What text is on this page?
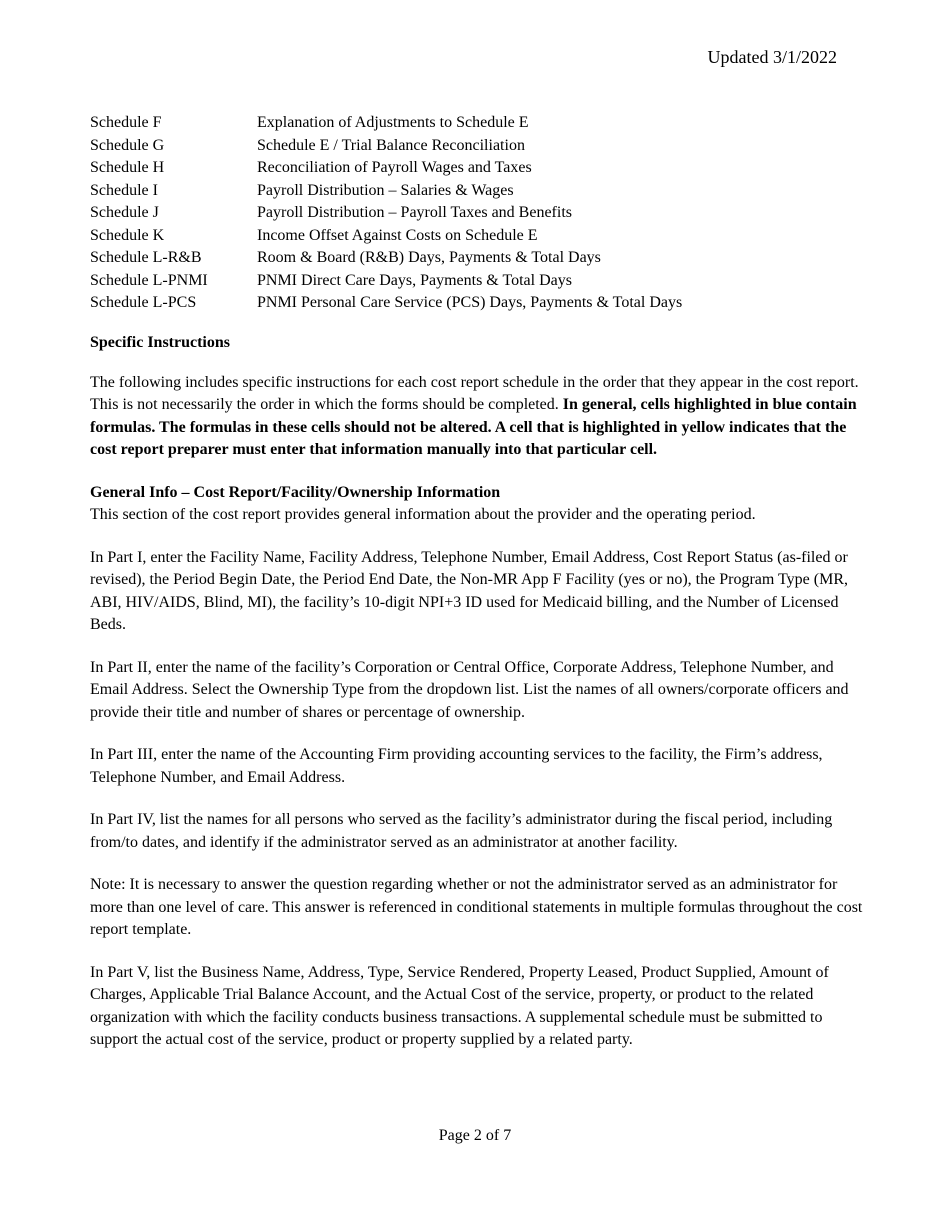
Updated 3/1/2022
Schedule F	Explanation of Adjustments to Schedule E
Schedule G	Schedule E / Trial Balance Reconciliation
Schedule H	Reconciliation of Payroll Wages and Taxes
Schedule I	Payroll Distribution – Salaries & Wages
Schedule J	Payroll Distribution – Payroll Taxes and Benefits
Schedule K	Income Offset Against Costs on Schedule E
Schedule L-R&B	Room & Board (R&B) Days, Payments & Total Days
Schedule L-PNMI	PNMI Direct Care Days, Payments & Total Days
Schedule L-PCS	PNMI Personal Care Service (PCS) Days, Payments & Total Days

Specific Instructions

The following includes specific instructions for each cost report schedule in the order that they appear in the cost report. This is not necessarily the order in which the forms should be completed. In general, cells highlighted in blue contain formulas. The formulas in these cells should not be altered. A cell that is highlighted in yellow indicates that the cost report preparer must enter that information manually into that particular cell.

General Info – Cost Report/Facility/Ownership Information

This section of the cost report provides general information about the provider and the operating period.

In Part I, enter the Facility Name, Facility Address, Telephone Number, Email Address, Cost Report Status (as-filed or revised), the Period Begin Date, the Period End Date, the Non-MR App F Facility (yes or no), the Program Type (MR, ABI, HIV/AIDS, Blind, MI), the facility’s 10-digit NPI+3 ID used for Medicaid billing, and the Number of Licensed Beds.

In Part II, enter the name of the facility’s Corporation or Central Office, Corporate Address, Telephone Number, and Email Address. Select the Ownership Type from the dropdown list. List the names of all owners/corporate officers and provide their title and number of shares or percentage of ownership.

In Part III, enter the name of the Accounting Firm providing accounting services to the facility, the Firm’s address, Telephone Number, and Email Address.

In Part IV, list the names for all persons who served as the facility’s administrator during the fiscal period, including from/to dates, and identify if the administrator served as an administrator at another facility.

Note: It is necessary to answer the question regarding whether or not the administrator served as an administrator for more than one level of care. This answer is referenced in conditional statements in multiple formulas throughout the cost report template.

In Part V, list the Business Name, Address, Type, Service Rendered, Property Leased, Product Supplied, Amount of Charges, Applicable Trial Balance Account, and the Actual Cost of the service, property, or product to the related organization with which the facility conducts business transactions. A supplemental schedule must be submitted to support the actual cost of the service, product or property supplied by a related party.

Page 2 of 7
